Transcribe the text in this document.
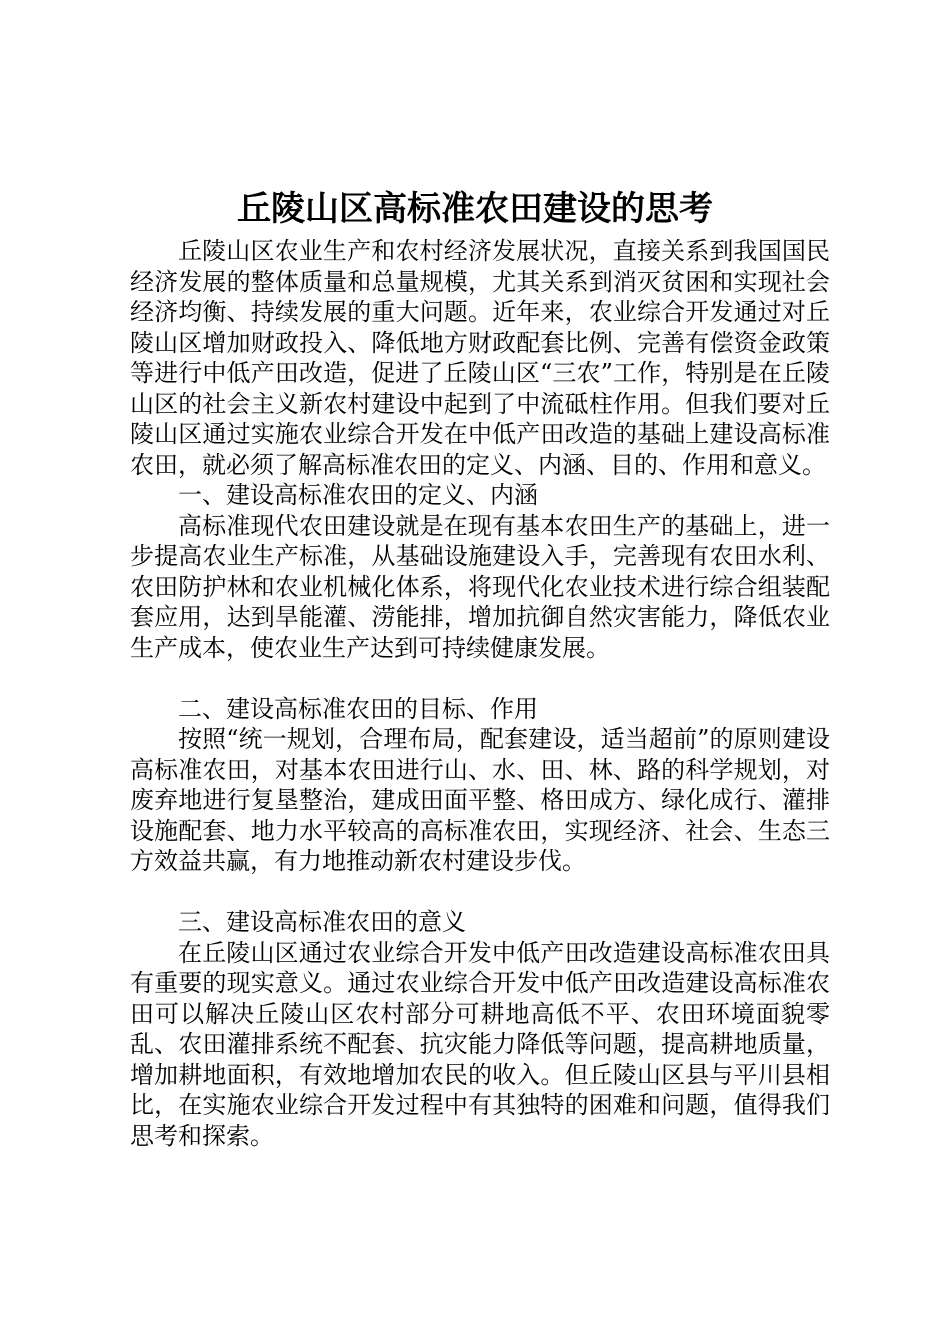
丘陵山区高标准农田建设的思考

丘陵山区农业生产和农村经济发展状况，直接关系到我国国民经济发展的整体质量和总量规模，尤其关系到消灭贫困和实现社会经济均衡、持续发展的重大问题。近年来，农业综合开发通过对丘陵山区增加财政投入、降低地方财政配套比例、完善有偿资金政策等进行中低产田改造，促进了丘陵山区“三农”工作，特别是在丘陵山区的社会主义新农村建设中起到了中流砥柱作用。但我们要对丘陵山区通过实施农业综合开发在中低产田改造的基础上建设高标准农田，就必须了解高标准农田的定义、内涵、目的、作用和意义。

一、建设高标准农田的定义、内涵

高标准现代农田建设就是在现有基本农田生产的基础上，进一步提高农业生产标准，从基础设施建设入手，完善现有农田水利、农田防护林和农业机械化体系，将现代化农业技术进行综合组装配套应用，达到旱能灌、涝能排，增加抗御自然灾害能力，降低农业生产成本，使农业生产达到可持续健康发展。

二、建设高标准农田的目标、作用

按照“统一规划，合理布局，配套建设，适当超前”的原则建设高标准农田，对基本农田进行山、水、田、林、路的科学规划，对废弃地进行复垦整治，建成田面平整、格田成方、绿化成行、灌排设施配套、地力水平较高的高标准农田，实现经济、社会、生态三方效益共赢，有力地推动新农村建设步伐。

三、建设高标准农田的意义

在丘陵山区通过农业综合开发中低产田改造建设高标准农田具有重要的现实意义。通过农业综合开发中低产田改造建设高标准农田可以解决丘陵山区农村部分可耕地高低不平、农田环境面貌零乱、农田灌排系统不配套、抗灾能力降低等问题，提高耕地质量，增加耕地面积，有效地增加农民的收入。但丘陵山区县与平川县相比，在实施农业综合开发过程中有其独特的困难和问题，值得我们思考和探索。
